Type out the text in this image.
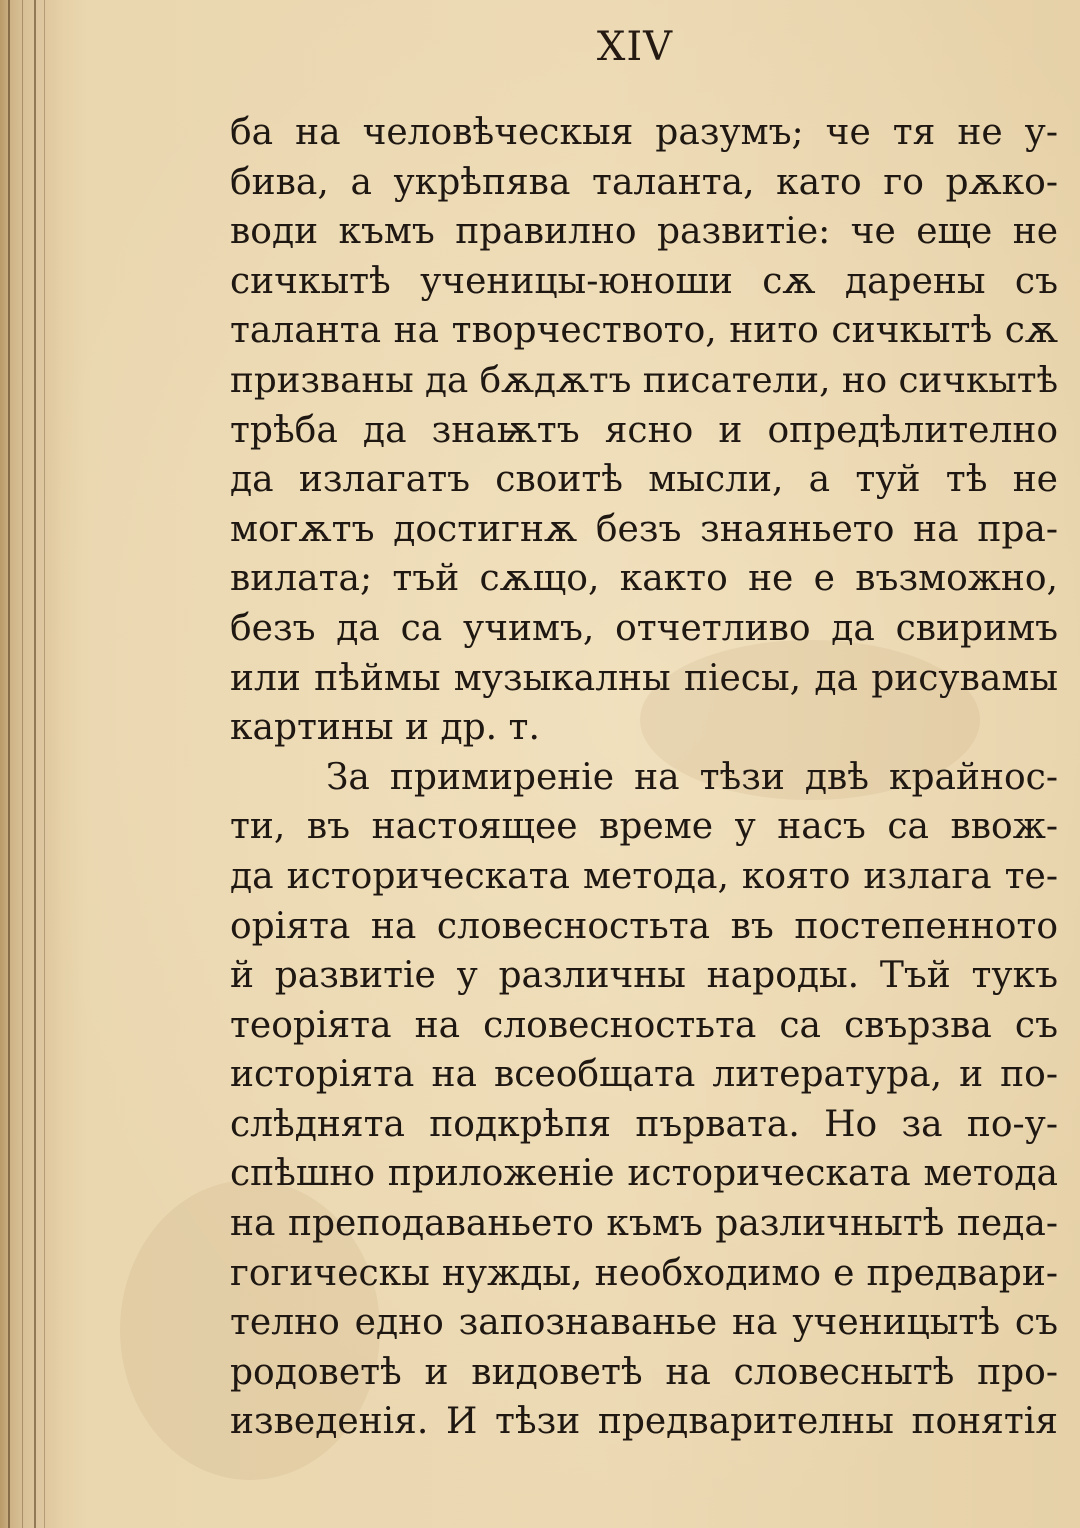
XIV
ба на человѣческыя разумъ; че тя не у-
бива, а укрѣпява таланта, като го рѫко-
води къмъ правилно развитіе: че еще не
сичкытѣ ученицы-юноши сѫ дарены съ
таланта на творчеството, нито сичкытѣ сѫ
призваны да бѫдѫтъ писатели, но сичкытѣ
трѣба да знаѭтъ ясно и опредѣлително
да излагатъ своитѣ мысли, а туй тѣ не
могѫтъ достигнѫ безъ знаяньето на пра-
вилата; тъй сѫщо, както не е възможно,
безъ да са учимъ, отчетливо да свиримъ
или пѣймы музыкалны піесы, да рисувамы
картины и др. т.
За примиреніе на тѣзи двѣ крайнос-
ти, въ настоящее време у насъ са ввож-
да историческата метода, която излага те-
оріята на словесностьта въ постепенното
й развитіе у различны народы. Тъй тукъ
теоріята на словесностьта са свързва съ
исторіята на всеобщата литература, и по-
слѣднята подкрѣпя първата. Но за по-у-
спѣшно приложеніе историческата метода
на преподаваньето къмъ различнытѣ педа-
гогическы нужды, необходимо е предвари-
телно едно запознаванье на ученицытѣ съ
родоветѣ и видоветѣ на словеснытѣ про-
изведенія. И тѣзи предварителны понятія
